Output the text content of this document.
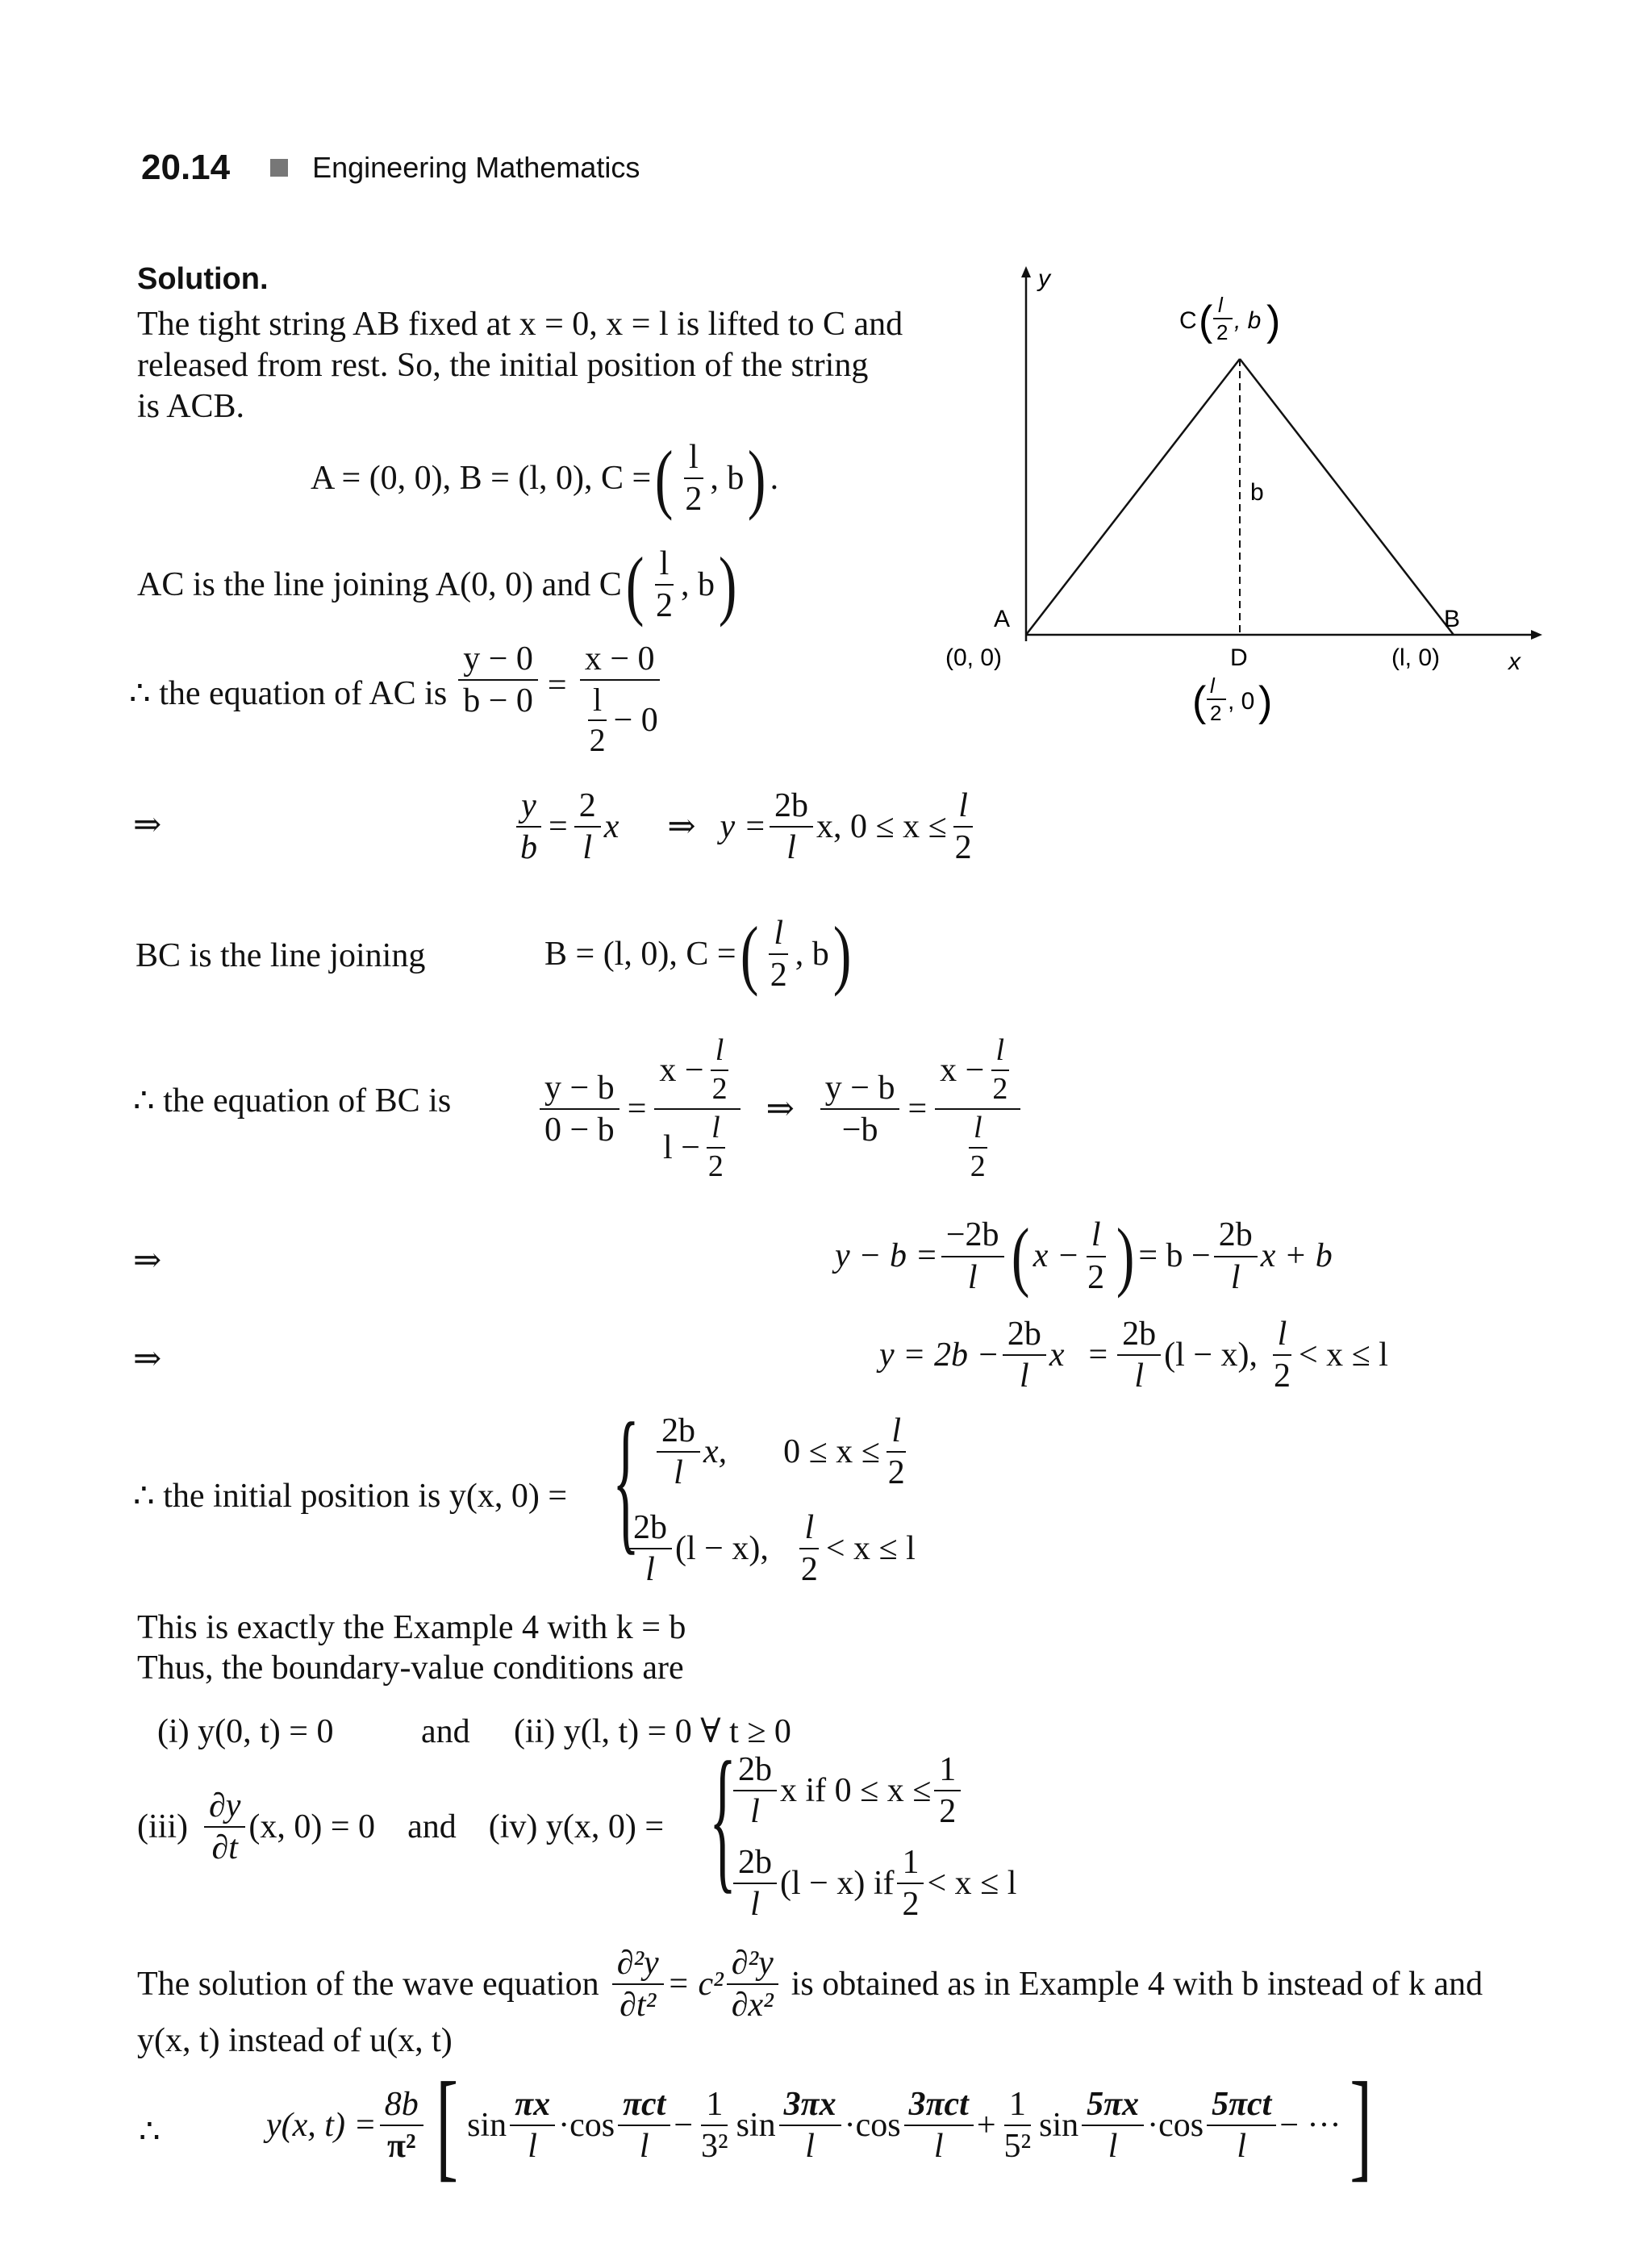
20.14	Engineering Mathematics
Solution.
The tight string AB fixed at x = 0, x = l is lifted to C and
released from rest. So, the initial position of the string
is ACB.
A = (0, 0), B = (l, 0), C = ( $\frac{l}{2}$ , b ) .
AC is the line joining A(0, 0) and C ( $\frac{l}{2}$ , b )
∴ the equation of AC is $\frac{y - 0}{b - 0} = \frac{x - 0}{\frac{l}{2} - 0}$
⇒	$\frac{y}{b} = \frac{2}{l}$ x ⇒ $y = \frac{2b}{l} x$, $0 \le x \le \frac{l}{2}$
BC is the line joining	B = (l, 0), C = ( $\frac{l}{2}$ , b )
∴ the equation of BC is	$\frac{y - b}{0 - b} = \frac{x - \frac{l}{2}}{l - \frac{l}{2}}$ ⇒ $\frac{y - b}{-b} = \frac{x - \frac{l}{2}}{\frac{l}{2}}$
⇒	$y - b = \frac{-2b}{l}$ ( $x - \frac{l}{2}$ ) = $b - \frac{2b}{l}$ x + b
⇒	$y = 2b - \frac{2b}{l}$ $x = \frac{2b}{l} (l - x)$, $\frac{l}{2} < x \le l$
∴ the initial position is y(x, 0) = { $\frac{2b}{l} x$, $0 \le x \le \frac{l}{2}$
$\frac{2b}{l} (l - x)$, $\frac{l}{2} < x \le l$
This is exactly the Example 4 with k = b
Thus, the boundary-value conditions are
(i) y(0, t) = 0	and (ii) y(l, t) = 0 ∀ t ≥ 0
$(iii) \frac{\partial y}{\partial t} (x$, 0) = 0 and (iv) y(x, 0) = {
$\frac{2b}{l}$ x if $0 \le x \le \frac{1}{2}$
$\frac{2b}{l} (l - x)$ if $\frac{1}{2} < x \le l$
The solution of the wave equation $\frac{\text{∂²y}}{\text{∂t²}} = c^2 \frac{\text{∂²y}}{\text{∂x²}}$ is obtained as in Example 4 with b instead of k and
y(x, t) instead of u(x, t)
∴	y(x, $t) = \frac{8b}{\text{π²}}$ [ $\sin \frac{\pi x}{l} \cdot \cos \frac{\text{πct}}{l} - \frac{1}{\text{3²}}$ $\sin \frac{3\pi x}{l} \cdot \cos \frac{\text{3πct}}{l} + \frac{1}{\text{5²}}$ $\sin \frac{5\pi x}{l} \cdot \cos \frac{\text{5πct}}{l}$ − ··· ]
y
x
A
(0, 0)
B
(l, 0)
b
C ( l
2 , b )
D
( l
2 , 0 )
